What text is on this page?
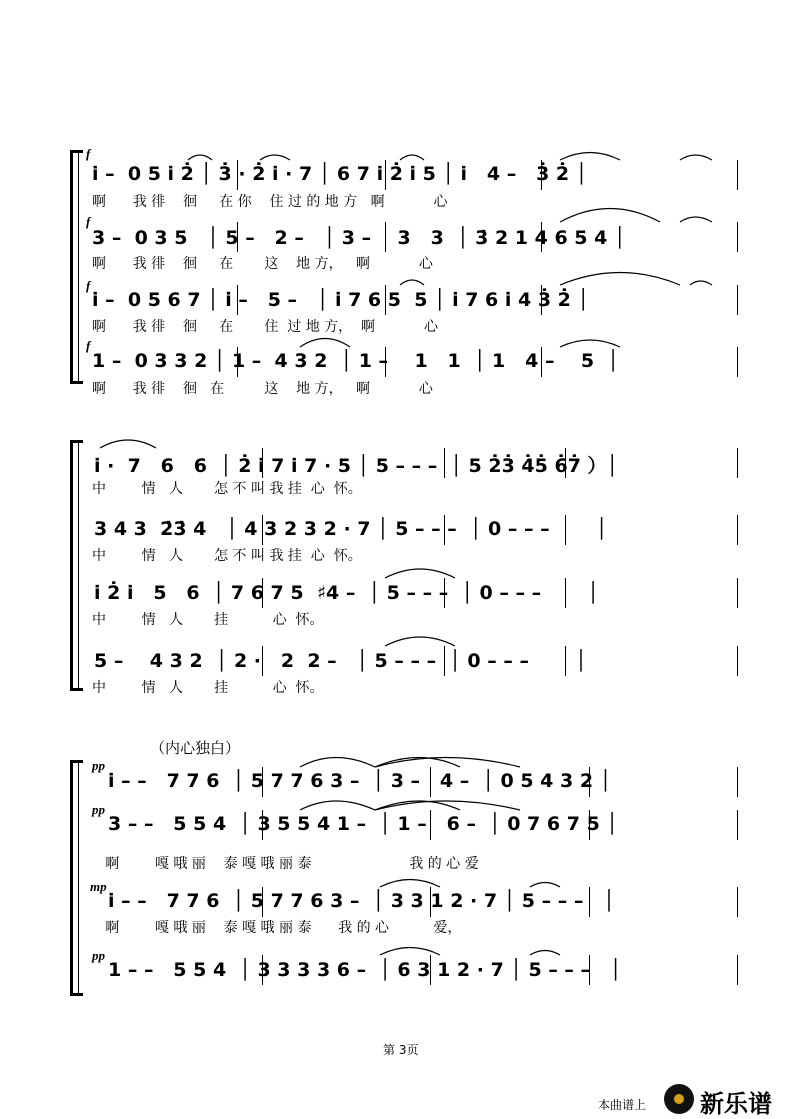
f
i̇ –  0 5 i̇ 2̇ │ 3̇ · 2̇ i̇ · 7 │ 6 7 i̇ 2̇ i̇ 5 │ i̇   4 –   3̇ 2̇ │
啊      我 徘    徊     在 你    住 过 的 地 方   啊           心
f
3 –  0 3 5   │ 5 –   2 –   │ 3 –    3   3  │ 3̇ 2 1 4 6 5 4 │
啊      我 徘    徊     在       这    地 方，   啊           心
f
i̇ –  0 5 6 7 │ i̇ –   5 –   │ i̇ 7 6 5  5 │ i̇ 7 6 i̇ 4 3̇ 2̇ │
啊      我 徘    徊     在       住  过 地 方，  啊           心
f
1 –  0 3 3 2 │ 1 –  4 3 2  │ 1 –    1   1  │ 1   4 –    5  │
啊      我 徘    徊   在         这    地 方，   啊           心
i̇ ·  7   6   6  │ 2̇ i̇ 7 i̇ 7 · 5 │ 5 – – –  │ 5 2̇3̇ 4̇5̇ 6̇7̇ ）│
中        情   人       怎 不 叫 我 挂  心  怀。
3 4 3  2̇3̇ 4   │ 4 3 2 3 2 · 7 │ 5 – – –  │ 0 – – –       │
中        情   人       怎 不 叫 我 挂  心  怀。
i̇ 2̇ i̇   5   6  │ 7 6 7 5  ♯4 –  │ 5 – – –  │ 0 – – –       │
中        情   人       挂          心  怀。
5 –    4 3 2  │ 2 ·   2  2 –   │ 5 – – –  │ 0 – – –       │
中        情   人       挂          心  怀。
（内心独白）
pp
i̇ – –   7 7 6  │ 5 7 7 6 3 –  │ 3 –   4 –  │ 0 5 4 3 2 │
pp
3 – –   5 5 4  │ 3 5 5 4 1 –  │ 1 –   6 –  │ 0 7 6 7 5 │
啊        嘎 哦 丽    泰 嘎 哦 丽 泰                      我 的 心 爱
mp
i̇ – –   7 7 6  │ 5 7 7 6 3 –  │ 3 3 1 2 · 7 │ 5 – – –   │
啊        嘎 哦 丽    泰 嘎 哦 丽 泰      我 的 心          爱，
pp
1 – –   5 5 4  │ 3 3 3 3 6 –  │ 6 3 1 2 · 7 │ 5 – – –   │
第 3页
本曲谱上 新乐谱
